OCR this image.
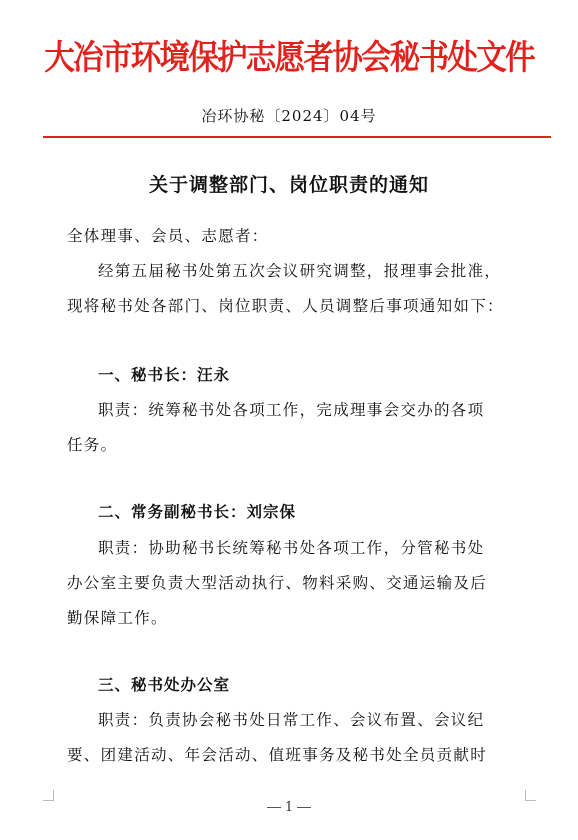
大冶市环境保护志愿者协会秘书处文件
冶环协秘〔2024〕04号
关于调整部门、岗位职责的通知
全体理事、会员、志愿者：
经第五届秘书处第五次会议研究调整，报理事会批准，
现将秘书处各部门、岗位职责、人员调整后事项通知如下：
一、秘书长：汪永
职责：统筹秘书处各项工作，完成理事会交办的各项
任务。
二、常务副秘书长：刘宗保
职责：协助秘书长统筹秘书处各项工作，分管秘书处
办公室主要负责大型活动执行、物料采购、交通运输及后
勤保障工作。
三、秘书处办公室
职责：负责协会秘书处日常工作、会议布置、会议纪
要、团建活动、年会活动、值班事务及秘书处全员贡献时
1
